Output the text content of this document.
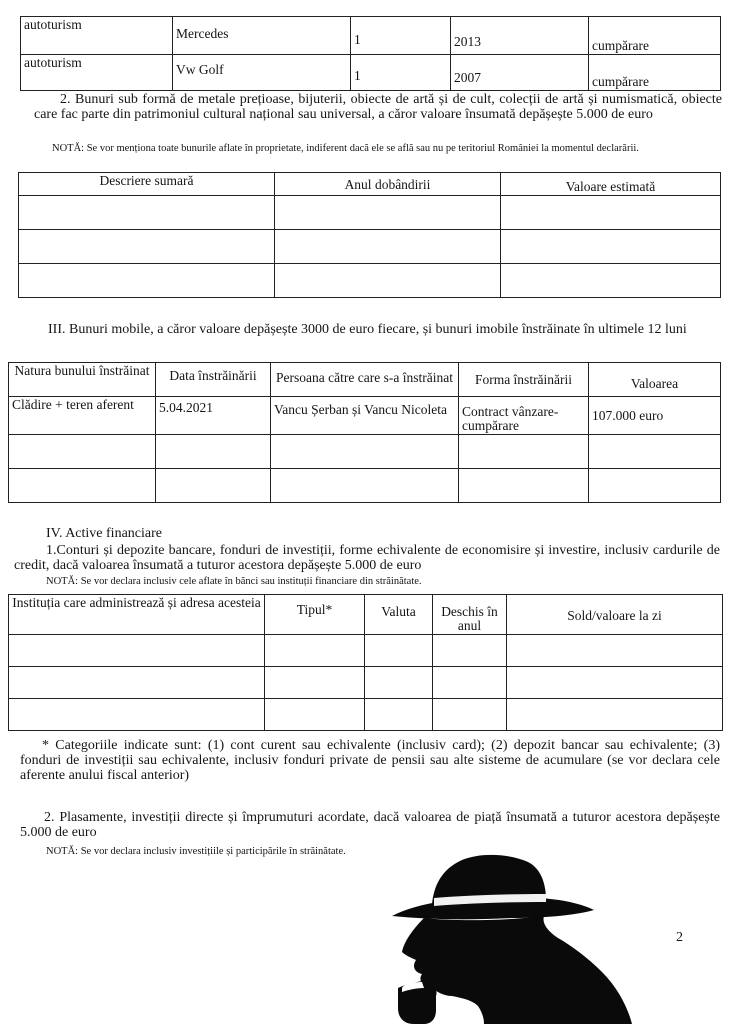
autoturism	Mercedes	1	2013	cumpărare
autoturism	Vw Golf	1	2007	cumpărare

2. Bunuri sub formă de metale prețioase, bijuterii, obiecte de artă și de cult, colecții de artă și numismatică, obiecte care fac parte din patrimoniul cultural național sau universal, a căror valoare însumată depășește 5.000 de euro

NOTĂ: Se vor menționa toate bunurile aflate în proprietate, indiferent dacă ele se află sau nu pe teritoriul României la momentul declarării.

Descriere sumară	Anul dobândirii	Valoare estimată

III. Bunuri mobile, a căror valoare depășește 3000 de euro fiecare, și bunuri imobile înstrăinate în ultimele 12 luni

Natura bunului înstrăinat	Data înstrăinării	Persoana către care s-a înstrăinat	Forma înstrăinării	Valoarea
Clădire + teren aferent	5.04.2021	Vancu Șerban și Vancu Nicoleta	Contract vânzare-cumpărare	107.000 euro

IV. Active financiare

1.Conturi și depozite bancare, fonduri de investiții, forme echivalente de economisire și investire, inclusiv cardurile de credit, dacă valoarea însumată a tuturor acestora depășește 5.000 de euro

NOTĂ: Se vor declara inclusiv cele aflate în bănci sau instituții financiare din străinătate.

Instituția care administrează și adresa acesteia	Tipul*	Valuta	Deschis în anul	Sold/valoare la zi

* Categoriile indicate sunt: (1) cont curent sau echivalente (inclusiv card); (2) depozit bancar sau echivalente; (3) fonduri de investiții sau echivalente, inclusiv fonduri private de pensii sau alte sisteme de acumulare (se vor declara cele aferente anului fiscal anterior)

2. Plasamente, investiții directe și împrumuturi acordate, dacă valoarea de piață însumată a tuturor acestora depășește 5.000 de euro

NOTĂ: Se vor declara inclusiv investițiile și participările în străinătate.

2
